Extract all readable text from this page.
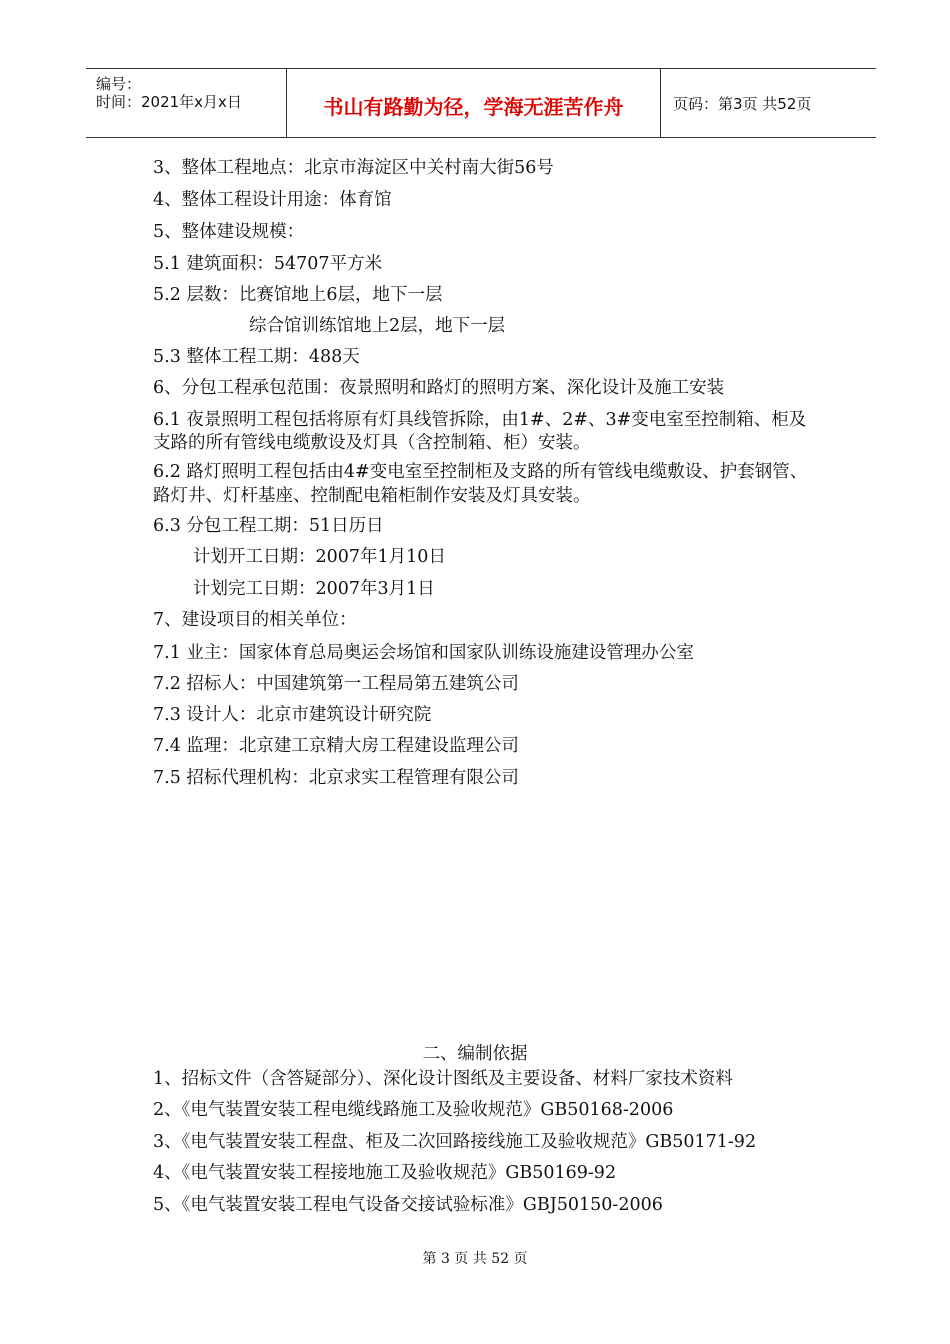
编号：
时间：2021年x月x日	书山有路勤为径，学海无涯苦作舟	页码：第3页 共52页
3、整体工程地点：北京市海淀区中关村南大街56号
4、整体工程设计用途：体育馆
5、整体建设规模：
5.1 建筑面积：54707平方米
5.2 层数：比赛馆地上6层，地下一层
综合馆训练馆地上2层，地下一层
5.3 整体工程工期：488天
6、分包工程承包范围：夜景照明和路灯的照明方案、深化设计及施工安装
6.1 夜景照明工程包括将原有灯具线管拆除，由1#、2#、3#变电室至控制箱、柜及
支路的所有管线电缆敷设及灯具（含控制箱、柜）安装。
6.2 路灯照明工程包括由4#变电室至控制柜及支路的所有管线电缆敷设、护套钢管、
路灯井、灯杆基座、控制配电箱柜制作安装及灯具安装。
6.3 分包工程工期：51日历日
计划开工日期：2007年1月10日
计划完工日期：2007年3月1日
7、建设项目的相关单位：
7.1 业主：国家体育总局奥运会场馆和国家队训练设施建设管理办公室
7.2 招标人：中国建筑第一工程局第五建筑公司
7.3 设计人：北京市建筑设计研究院
7.4 监理：北京建工京精大房工程建设监理公司
7.5 招标代理机构：北京求实工程管理有限公司
二、编制依据
1、招标文件（含答疑部分）、深化设计图纸及主要设备、材料厂家技术资料
2、《电气装置安装工程电缆线路施工及验收规范》GB50168-2006
3、《电气装置安装工程盘、柜及二次回路接线施工及验收规范》GB50171-92
4、《电气装置安装工程接地施工及验收规范》GB50169-92
5、《电气装置安装工程电气设备交接试验标准》GBJ50150-2006
第 3 页 共 52 页
